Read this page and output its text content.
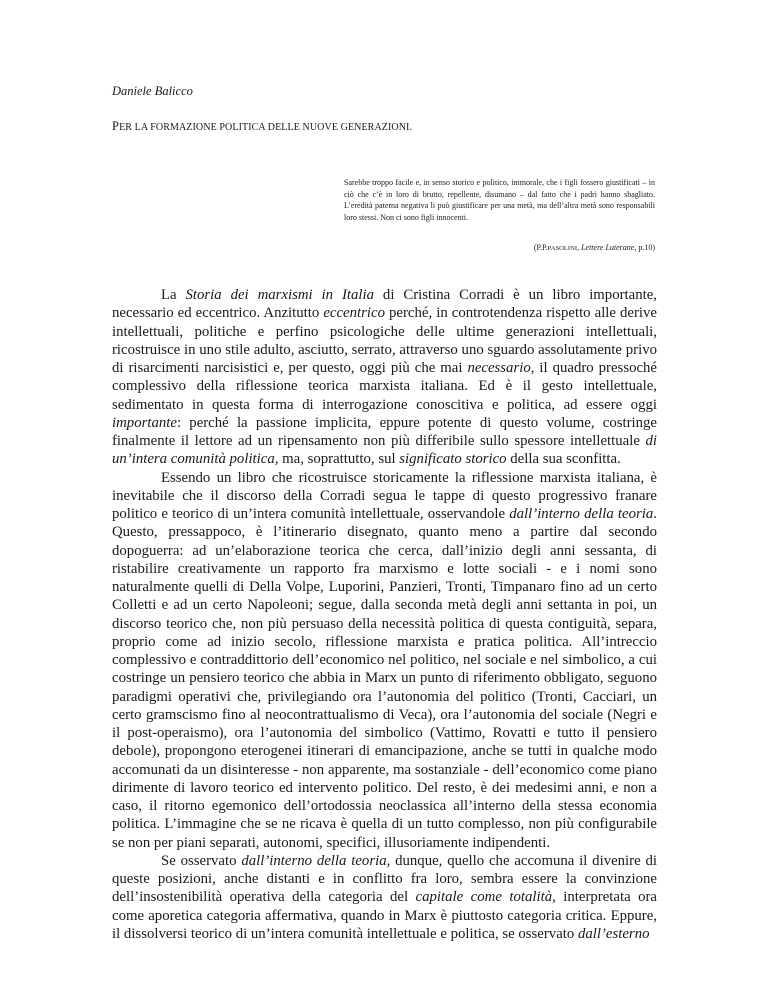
Daniele Balicco
PER LA FORMAZIONE POLITICA DELLE NUOVE GENERAZIONI.
Sarebbe troppo facile e, in senso storico e politico, immorale, che i figli fossero giustificati – in ciò che c’è in loro di brutto, repellente, disumano – dal fatto che i padri hanno sbagliato. L’eredità paterna negativa li può giustificare per una metà, ma dell’altra metà sono responsabili loro stessi. Non ci sono figli innocenti.
(P.P.PASOLINI, Lettere Luterane, p.10)

La Storia dei marxismi in Italia di Cristina Corradi è un libro importante, necessario ed eccentrico. Anzitutto eccentrico perché, in controtendenza rispetto alle derive intellettuali, politiche e perfino psicologiche delle ultime generazioni intellettuali, ricostruisce in uno stile adulto, asciutto, serrato, attraverso uno sguardo assolutamente privo di risarcimenti narcisistici e, per questo, oggi più che mai necessario, il quadro pressoché complessivo della riflessione teorica marxista italiana. Ed è il gesto intellettuale, sedimentato in questa forma di interrogazione conoscitiva e politica, ad essere oggi importante: perché la passione implicita, eppure potente di questo volume, costringe finalmente il lettore ad un ripensamento non più differibile sullo spessore intellettuale di un’intera comunità politica, ma, soprattutto, sul significato storico della sua sconfitta.

Essendo un libro che ricostruisce storicamente la riflessione marxista italiana, è inevitabile che il discorso della Corradi segua le tappe di questo progressivo franare politico e teorico di un’intera comunità intellettuale, osservandole dall’interno della teoria. Questo, pressappoco, è l’itinerario disegnato, quanto meno a partire dal secondo dopoguerra: ad un’elaborazione teorica che cerca, dall’inizio degli anni sessanta, di ristabilire creativamente un rapporto fra marxismo e lotte sociali - e i nomi sono naturalmente quelli di Della Volpe, Luporini, Panzieri, Tronti, Timpanaro fino ad un certo Colletti e ad un certo Napoleoni; segue, dalla seconda metà degli anni settanta in poi, un discorso teorico che, non più persuaso della necessità politica di questa contiguità, separa, proprio come ad inizio secolo, riflessione marxista e pratica politica. All’intreccio complessivo e contraddittorio dell’economico nel politico, nel sociale e nel simbolico, a cui costringe un pensiero teorico che abbia in Marx un punto di riferimento obbligato, seguono paradigmi operativi che, privilegiando ora l’autonomia del politico (Tronti, Cacciari, un certo gramscismo fino al neocontrattualismo di Veca), ora l’autonomia del sociale (Negri e il post-operaismo), ora l’autonomia del simbolico (Vattimo, Rovatti e tutto il pensiero debole), propongono eterogenei itinerari di emancipazione, anche se tutti in qualche modo accomunati da un disinteresse - non apparente, ma sostanziale - dell’economico come piano dirimente di lavoro teorico ed intervento politico. Del resto, è dei medesimi anni, e non a caso, il ritorno egemonico dell’ortodossia neoclassica all’interno della stessa economia politica. L’immagine che se ne ricava è quella di un tutto complesso, non più configurabile se non per piani separati, autonomi, specifici, illusoriamente indipendenti.

Se osservato dall’interno della teoria, dunque, quello che accomuna il divenire di queste posizioni, anche distanti e in conflitto fra loro, sembra essere la convinzione dell’insostenibilità operativa della categoria del capitale come totalità, interpretata ora come aporetica categoria affermativa, quando in Marx è piuttosto categoria critica. Eppure, il dissolversi teorico di un’intera comunità intellettuale e politica, se osservato dall’esterno
